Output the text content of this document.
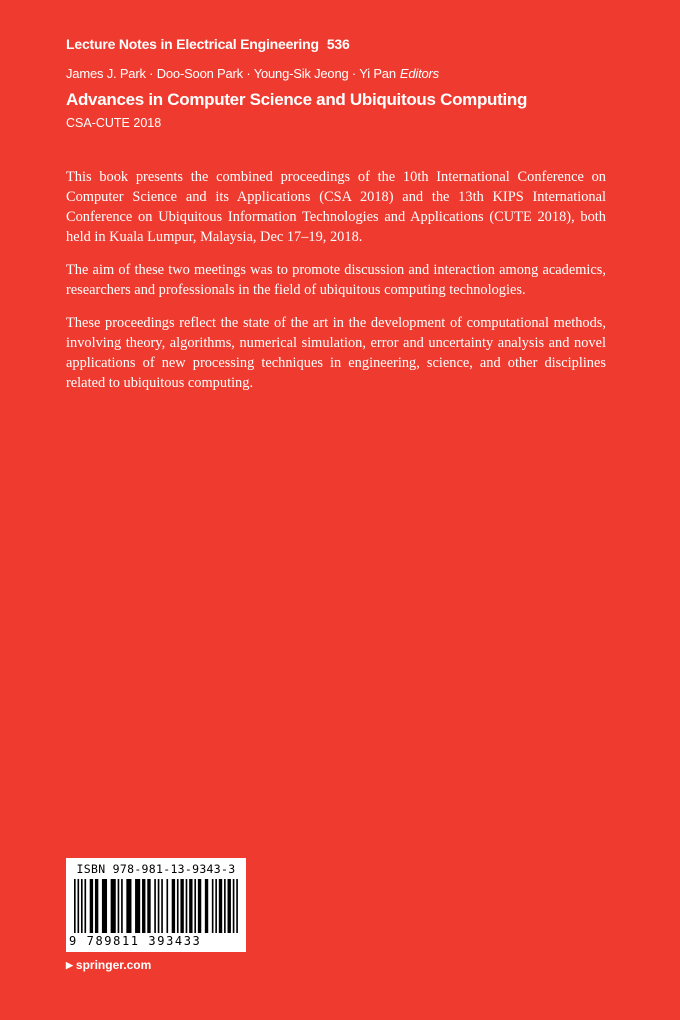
Lecture Notes in Electrical Engineering 536
James J. Park · Doo-Soon Park · Young-Sik Jeong · Yi Pan Editors
Advances in Computer Science and Ubiquitous Computing
CSA-CUTE 2018

This book presents the combined proceedings of the 10th International Conference on Computer Science and its Applications (CSA 2018) and the 13th KIPS International Conference on Ubiquitous Information Technologies and Applications (CUTE 2018), both held in Kuala Lumpur, Malaysia, Dec 17–19, 2018.

The aim of these two meetings was to promote discussion and interaction among academics, researchers and professionals in the field of ubiquitous computing technologies.

These proceedings reflect the state of the art in the development of computational methods, involving theory, algorithms, numerical simulation, error and uncertainty analysis and novel applications of new processing techniques in engineering, science, and other disciplines related to ubiquitous computing.

ISBN 978-981-13-9343-3
9 789811 393433
▶ springer.com
